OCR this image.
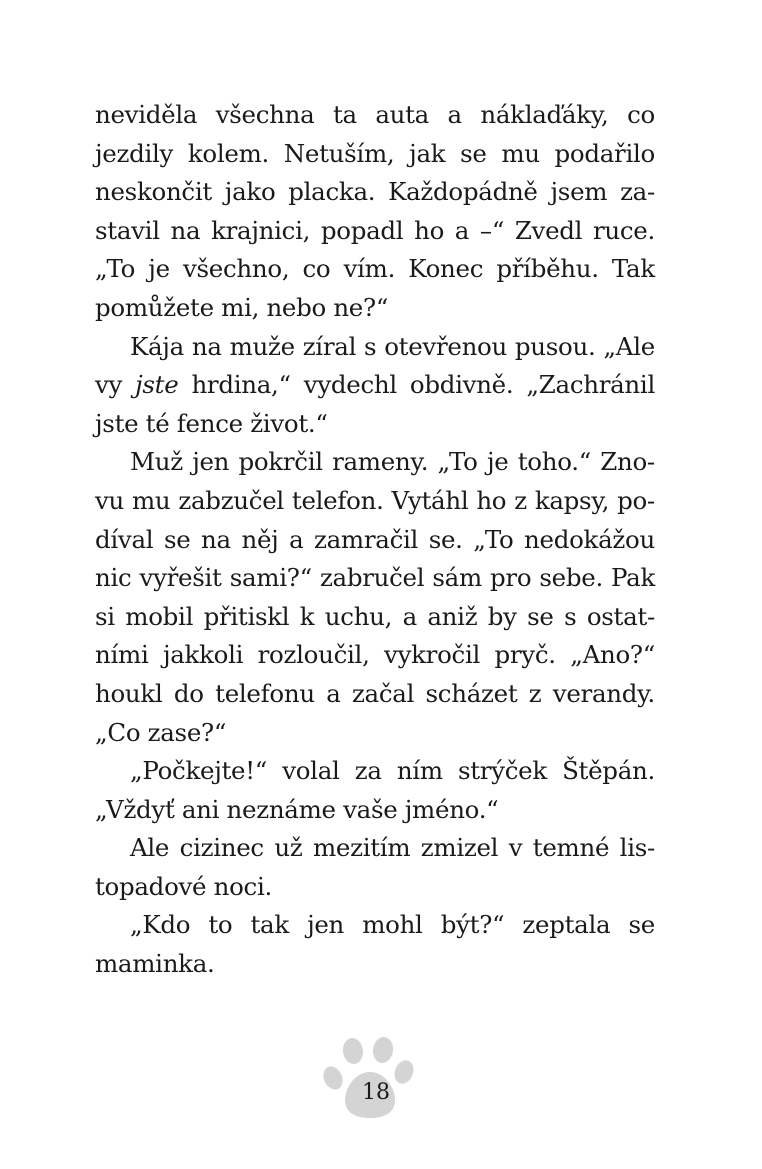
neviděla všechna ta auta a náklaďáky, co
jezdily kolem. Netuším, jak se mu podařilo
neskončit jako placka. Každopádně jsem za-
stavil na krajnici, popadl ho a –“ Zvedl ruce.
„To je všechno, co vím. Konec příběhu. Tak
pomůžete mi, nebo ne?“
Kája na muže zíral s otevřenou pusou. „Ale
vy jste hrdina,“ vydechl obdivně. „Zachránil
jste té fence život.“
Muž jen pokrčil rameny. „To je toho.“ Zno-
vu mu zabzučel telefon. Vytáhl ho z kapsy, po-
díval se na něj a zamračil se. „To nedokážou
nic vyřešit sami?“ zabručel sám pro sebe. Pak
si mobil přitiskl k uchu, a aniž by se s ostat-
ními jakkoli rozloučil, vykročil pryč. „Ano?“
houkl do telefonu a začal scházet z verandy.
„Co zase?“
„Počkejte!“ volal za ním strýček Štěpán.
„Vždyť ani neznáme vaše jméno.“
Ale cizinec už mezitím zmizel v temné lis-
topadové noci.
„Kdo to tak jen mohl být?“ zeptala se
maminka.
18
